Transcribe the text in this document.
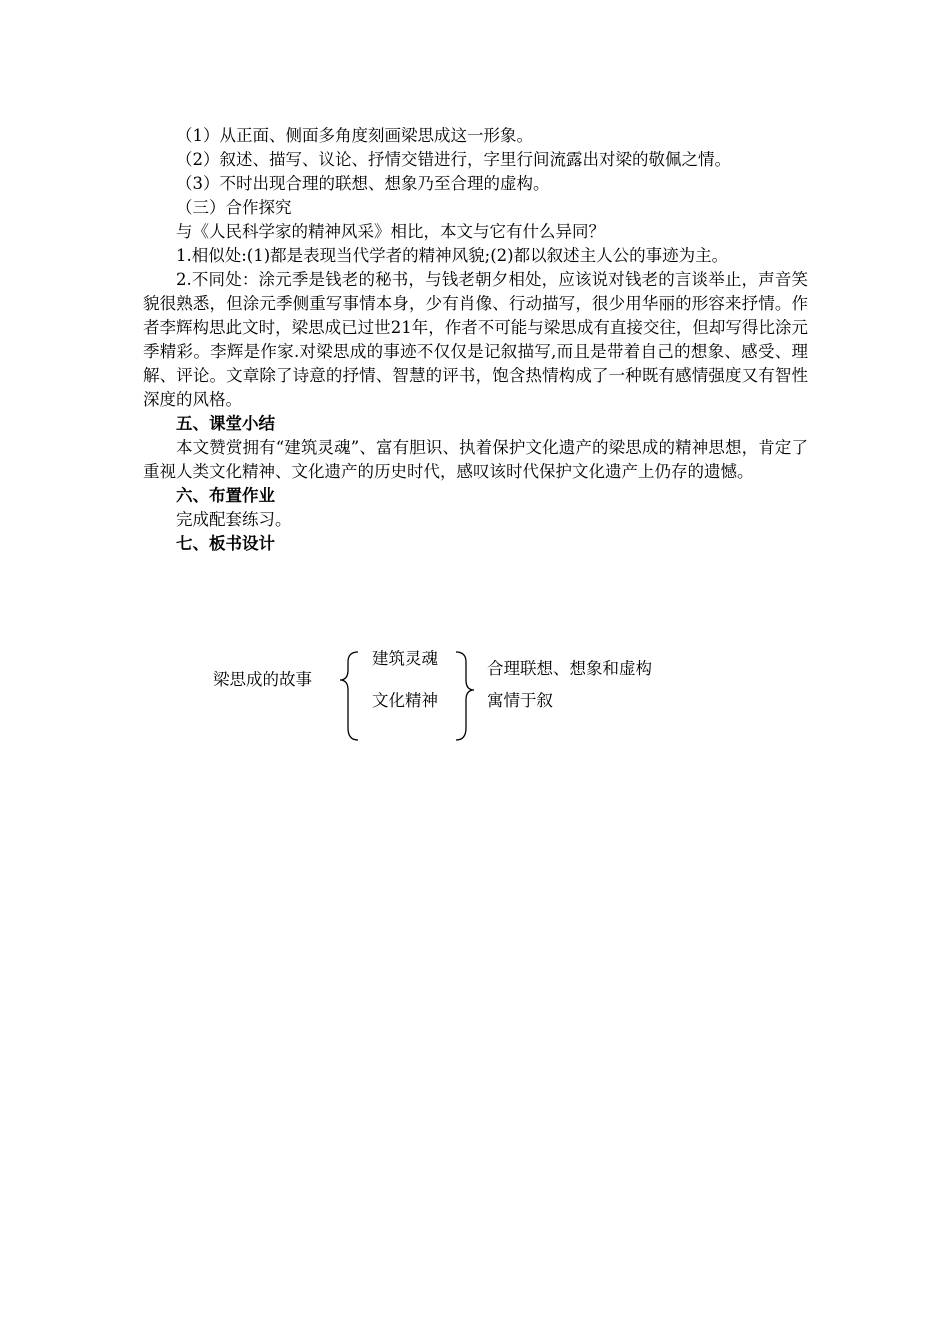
（1）从正面、侧面多角度刻画梁思成这一形象。

（2）叙述、描写、议论、抒情交错进行，字里行间流露出对梁的敬佩之情。

（3）不时出现合理的联想、想象乃至合理的虚构。

（三）合作探究

与《人民科学家的精神风采》相比，本文与它有什么异同？

1.相似处:(1)都是表现当代学者的精神风貌;(2)都以叙述主人公的事迹为主。

2.不同处：涂元季是钱老的秘书，与钱老朝夕相处，应该说对钱老的言谈举止，声音笑貌很熟悉，但涂元季侧重写事情本身，少有肖像、行动描写，很少用华丽的形容来抒情。作者李辉构思此文时，梁思成已过世21年，作者不可能与梁思成有直接交往，但却写得比涂元季精彩。李辉是作家.对梁思成的事迹不仅仅是记叙描写,而且是带着自己的想象、感受、理解、评论。文章除了诗意的抒情、智慧的评书，饱含热情构成了一种既有感情强度又有智性深度的风格。

五、课堂小结

本文赞赏拥有“建筑灵魂”、富有胆识、执着保护文化遗产的梁思成的精神思想，肯定了重视人类文化精神、文化遗产的历史时代，感叹该时代保护文化遗产上仍存的遗憾。

六、布置作业

完成配套练习。

七、板书设计

梁思成的故事
建筑灵魂
文化精神
合理联想、想象和虚构
寓情于叙
